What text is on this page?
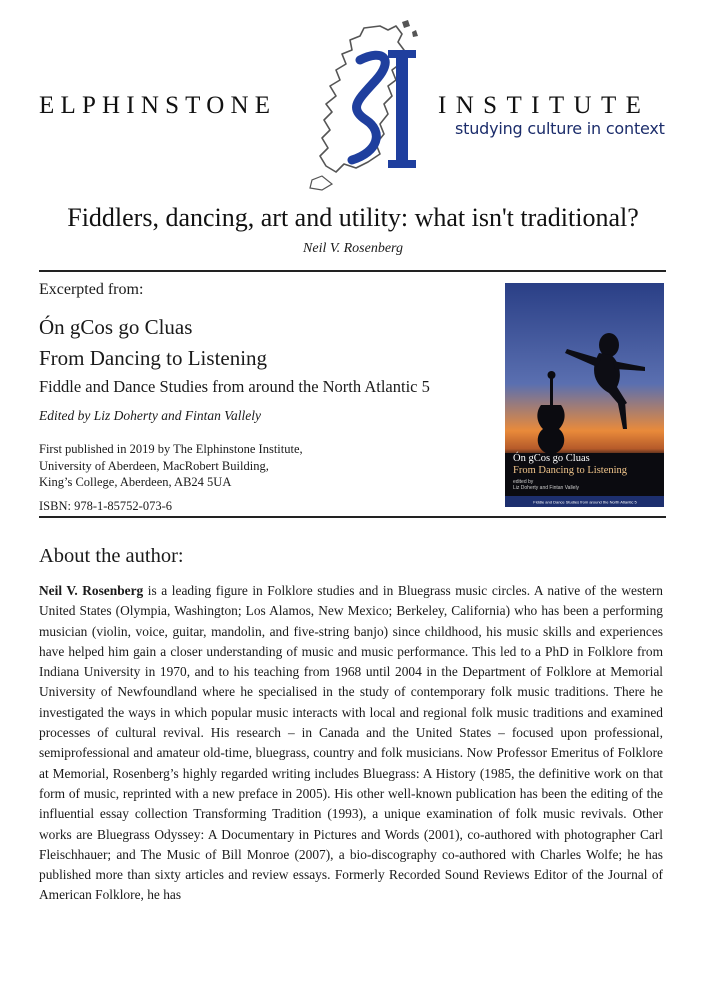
ELPHINSTONE	INSTITUTE
studying culture in context
Fiddlers, dancing, art and utility: what isn't traditional?
Neil V. Rosenberg
Excerpted from:
Ón gCos go Cluas
From Dancing to Listening
Fiddle and Dance Studies from around the North Atlantic 5
Edited by Liz Doherty and Fintan Vallely
First published in 2019 by The Elphinstone Institute,
University of Aberdeen, MacRobert Building,
King’s College, Aberdeen, AB24 5UA
ISBN: 978-1-85752-073-6
Ón gCos go Cluas
From Dancing to Listening
edited by
Liz Doherty and Fintan Vallely
Fiddle and Dance Studies from around the North Atlantic 5
About the author:
Neil V. Rosenberg is a leading figure in Folklore studies and in Bluegrass music circles. A native of the western United States (Olympia, Washington; Los Alamos, New Mexico; Berkeley, California) who has been a performing musician (violin, voice, guitar, mandolin, and five-string banjo) since childhood, his music skills and experiences have helped him gain a closer understanding of music and music performance. This led to a PhD in Folklore from Indiana University in 1970, and to his teaching from 1968 until 2004 in the Department of Folklore at Memorial University of Newfoundland where he specialised in the study of contemporary folk music traditions. There he investigated the ways in which popular music interacts with local and regional folk music traditions and examined processes of cultural revival. His research – in Canada and the United States – focused upon professional, semiprofessional and amateur old-time, bluegrass, country and folk musicians. Now Professor Emeritus of Folklore at Memorial, Rosenberg’s highly regarded writing includes Bluegrass: A History (1985, the definitive work on that form of music, reprinted with a new preface in 2005). His other well-known publication has been the editing of the influential essay collection Transforming Tradition (1993), a unique examination of folk music revivals. Other works are Bluegrass Odyssey: A Documentary in Pictures and Words (2001), co-authored with photographer Carl Fleischhauer; and The Music of Bill Monroe (2007), a bio-discography co-authored with Charles Wolfe; he has published more than sixty articles and review essays. Formerly Recorded Sound Reviews Editor of the Journal of American Folklore, he has
